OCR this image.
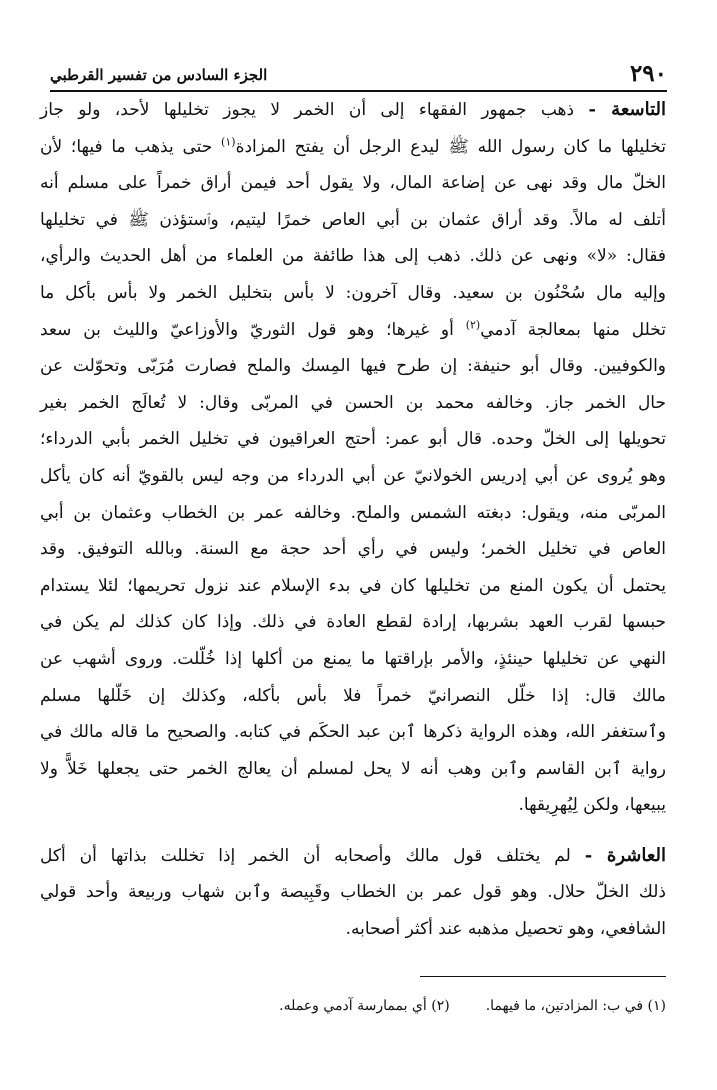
٢٩٠
الجزء السادس من تفسير القرطبي
التاسعة - ذهب جمهور الفقهاء إلى أن الخمر لا يجوز تخليلها لأحد، ولو جاز
تخليلها ما كان رسول الله ﷺ ليدع الرجل أن يفتح المزادة$^{(١)}$ حتى يذهب ما فيها؛ لأن
الخلّ مال وقد نهى عن إضاعة المال، ولا يقول أحد فيمن أراق خمراً على مسلم أنه
أتلف له مالاً. وقد أراق عثمان بن أبي العاص خمرًا ليتيم، وٱستؤذن ﷺ في تخليلها
فقال: «لا» ونهى عن ذلك. ذهب إلى هذا طائفة من العلماء من أهل الحديث والرأي،
وإليه مال سُحْنُون بن سعيد. وقال آخرون: لا بأس بتخليل الخمر ولا بأس بأكل ما
تخلل منها بمعالجة آدمي$^{(٢)}$ أو غيرها؛ وهو قول الثوريّ والأوزاعيّ والليث بن سعد
والكوفيين. وقال أبو حنيفة: إن طرح فيها المِسك والملح فصارت مُرَبّى وتحوّلت عن
حال الخمر جاز. وخالفه محمد بن الحسن في المربّى وقال: لا تُعالَج الخمر بغير
تحويلها إلى الخلّ وحده. قال أبو عمر: أحتج العراقيون في تخليل الخمر بأبي الدرداء؛
وهو يُروى عن أبي إدريس الخولانيّ عن أبي الدرداء من وجه ليس بالقويّ أنه كان يأكل
المربّى منه، ويقول: دبغته الشمس والملح. وخالفه عمر بن الخطاب وعثمان بن أبي
العاص في تخليل الخمر؛ وليس في رأي أحد حجة مع السنة. وبالله التوفيق. وقد
يحتمل أن يكون المنع من تخليلها كان في بدء الإسلام عند نزول تحريمها؛ لئلا يستدام
حبسها لقرب العهد بشربها، إرادة لقطع العادة في ذلك. وإذا كان كذلك لم يكن في
النهي عن تخليلها حينئذٍ، والأمر بإراقتها ما يمنع من أكلها إذا خُلّلت. وروى أشهب عن
مالك قال: إذا خلّل النصرانيّ خمراً فلا بأس بأكله، وكذلك إن خَلّلها مسلم
وٱستغفر الله، وهذه الرواية ذكرها ٱبن عبد الحكَم في كتابه. والصحيح ما قاله مالك في
رواية ٱبن القاسم وٱبن وهب أنه لا يحل لمسلم أن يعالج الخمر حتى يجعلها خَلاًّ ولا
يبيعها، ولكن لِيُهرِيقها.
العاشرة - لم يختلف قول مالك وأصحابه أن الخمر إذا تخللت بذاتها أن أكل
ذلك الخلّ حلال. وهو قول عمر بن الخطاب وقَبِيصة وٱبن شهاب وربيعة وأحد قولي
الشافعي، وهو تحصيل مذهبه عند أكثر أصحابه.
(١) في ب: المزادتين، ما فيهما.
(٢) أي بممارسة آدمي وعمله.
